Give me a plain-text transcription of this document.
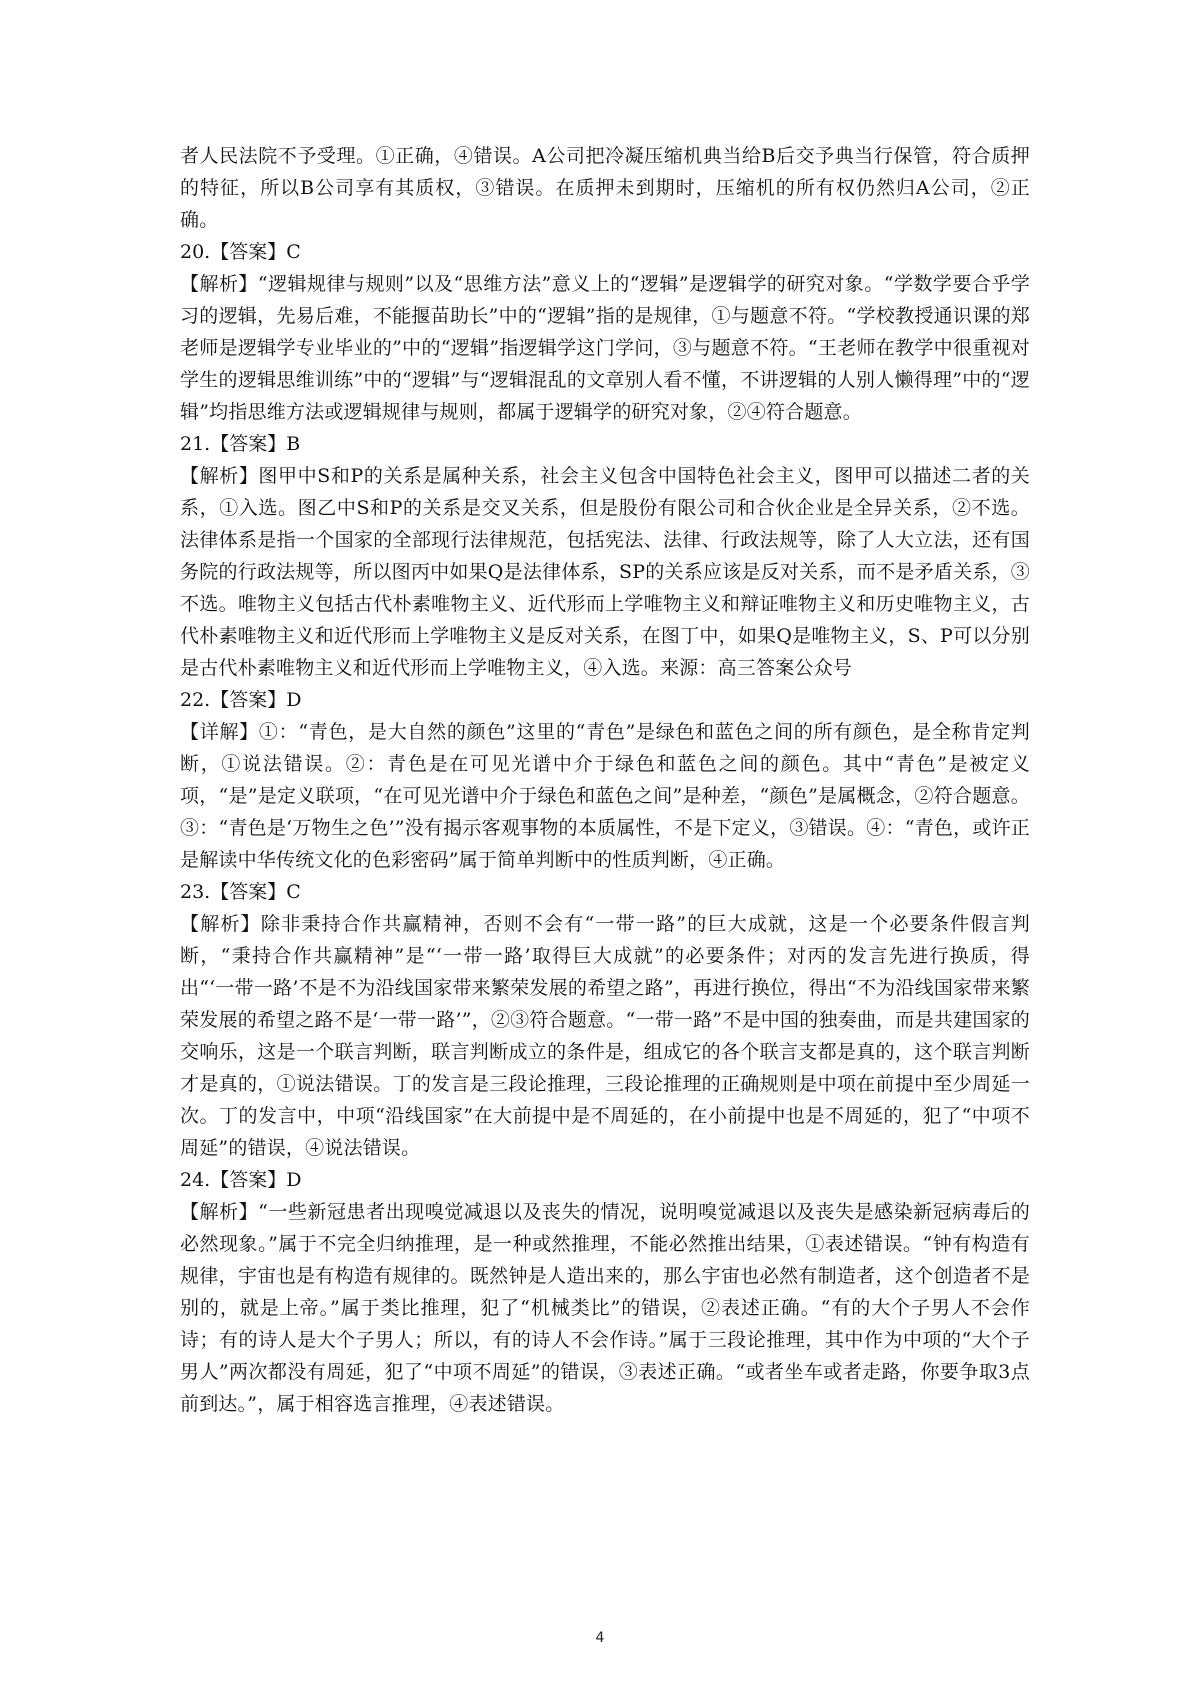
者人民法院不予受理。①正确，④错误。A公司把冷凝压缩机典当给B后交予典当行保管，符合质押的特征，所以B公司享有其质权，③错误。在质押未到期时，压缩机的所有权仍然归A公司，②正确。

20.【答案】C

【解析】“逻辑规律与规则”以及“思维方法”意义上的“逻辑”是逻辑学的研究对象。“学数学要合乎学习的逻辑，先易后难，不能揠苗助长”中的“逻辑”指的是规律，①与题意不符。“学校教授通识课的郑老师是逻辑学专业毕业的”中的“逻辑”指逻辑学这门学问，③与题意不符。“王老师在教学中很重视对学生的逻辑思维训练”中的“逻辑”与“逻辑混乱的文章别人看不懂，不讲逻辑的人别人懒得理”中的“逻辑”均指思维方法或逻辑规律与规则，都属于逻辑学的研究对象，②④符合题意。

21.【答案】B

【解析】图甲中S和P的关系是属种关系，社会主义包含中国特色社会主义，图甲可以描述二者的关系，①入选。图乙中S和P的关系是交叉关系，但是股份有限公司和合伙企业是全异关系，②不选。法律体系是指一个国家的全部现行法律规范，包括宪法、法律、行政法规等，除了人大立法，还有国务院的行政法规等，所以图丙中如果Q是法律体系，SP的关系应该是反对关系，而不是矛盾关系，③不选。唯物主义包括古代朴素唯物主义、近代形而上学唯物主义和辩证唯物主义和历史唯物主义，古代朴素唯物主义和近代形而上学唯物主义是反对关系，在图丁中，如果Q是唯物主义，S、P可以分别是古代朴素唯物主义和近代形而上学唯物主义，④入选。来源：高三答案公众号

22.【答案】D

【详解】①：“青色，是大自然的颜色”这里的“青色”是绿色和蓝色之间的所有颜色，是全称肯定判断，①说法错误。②：青色是在可见光谱中介于绿色和蓝色之间的颜色。其中“青色”是被定义项，“是”是定义联项，“在可见光谱中介于绿色和蓝色之间”是种差，“颜色”是属概念，②符合题意。③：“青色是‘万物生之色’”没有揭示客观事物的本质属性，不是下定义，③错误。④：“青色，或许正是解读中华传统文化的色彩密码”属于简单判断中的性质判断，④正确。

23.【答案】C

【解析】除非秉持合作共赢精神，否则不会有“一带一路”的巨大成就，这是一个必要条件假言判断，“秉持合作共赢精神”是“‘一带一路’取得巨大成就”的必要条件；对丙的发言先进行换质，得出“‘一带一路’不是不为沿线国家带来繁荣发展的希望之路”，再进行换位，得出“不为沿线国家带来繁荣发展的希望之路不是‘一带一路’”，②③符合题意。“一带一路”不是中国的独奏曲，而是共建国家的交响乐，这是一个联言判断，联言判断成立的条件是，组成它的各个联言支都是真的，这个联言判断才是真的，①说法错误。丁的发言是三段论推理，三段论推理的正确规则是中项在前提中至少周延一次。丁的发言中，中项“沿线国家”在大前提中是不周延的，在小前提中也是不周延的，犯了“中项不周延”的错误，④说法错误。

24.【答案】D

【解析】“一些新冠患者出现嗅觉减退以及丧失的情况，说明嗅觉减退以及丧失是感染新冠病毒后的必然现象。”属于不完全归纳推理，是一种或然推理，不能必然推出结果，①表述错误。“钟有构造有规律，宇宙也是有构造有规律的。既然钟是人造出来的，那么宇宙也必然有制造者，这个创造者不是别的，就是上帝。”属于类比推理，犯了“机械类比”的错误，②表述正确。“有的大个子男人不会作诗；有的诗人是大个子男人；所以，有的诗人不会作诗。”属于三段论推理，其中作为中项的“大个子男人”两次都没有周延，犯了“中项不周延”的错误，③表述正确。“或者坐车或者走路，你要争取3点前到达。”，属于相容选言推理，④表述错误。

4
